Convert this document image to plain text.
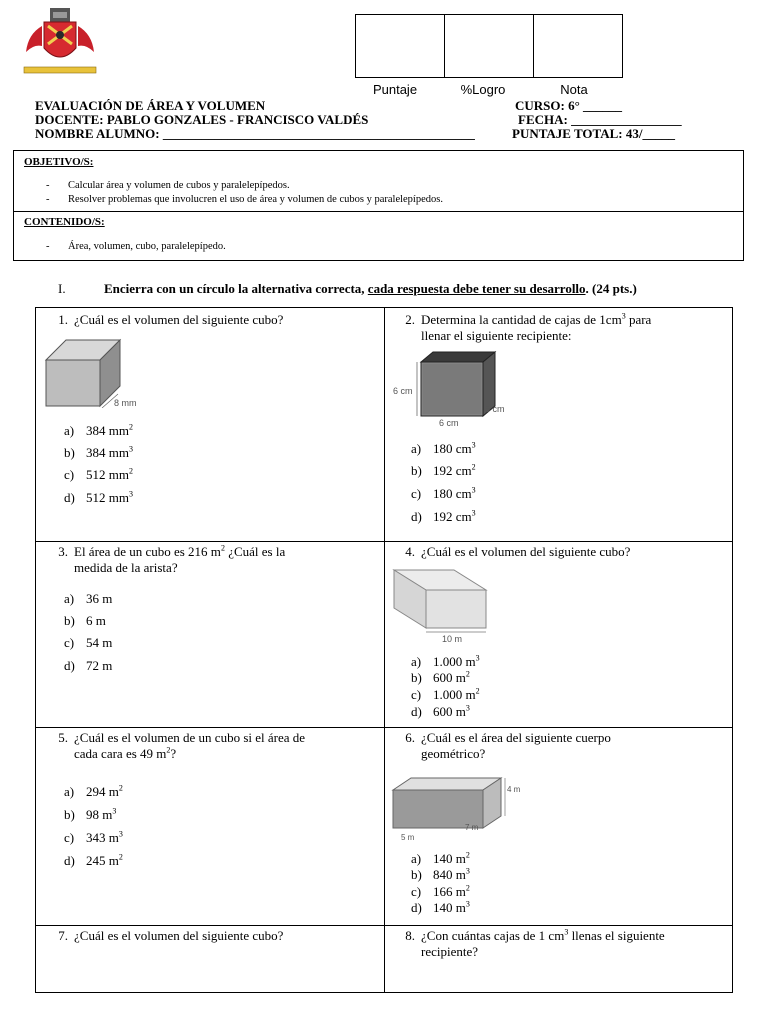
Puntaje	%Logro	Nota
EVALUACIÓN DE ÁREA Y VOLUMEN
DOCENTE: PABLO GONZALES - FRANCISCO VALDÉS
NOMBRE ALUMNO: ________________________________________________
CURSO: 6° ______
FECHA: _________________
PUNTAJE TOTAL: 43/_____
OBJETIVO/S:
- Calcular área y volumen de cubos y paralelepípedos.
- Resolver problemas que involucren el uso de área y volumen de cubos y paralelepípedos.
CONTENIDO/S:
- Área, volumen, cubo, paralelepípedo.
I.	Encierra con un círculo la alternativa correcta, cada respuesta debe tener su desarrollo. (24 pts.)
1. ¿Cuál es el volumen del siguiente cubo?
8 mm
a) 384 $mm^2$
b) 384 $mm^3$
c) 512 $mm^2$
d) 512 $mm^3$
2. Determina la cantidad de cajas de $1cm^3$ para
llenar el siguiente recipiente:
6 cm
6 cm
5 cm
a) 180 $cm^3$
b) 192 $cm^2$
c) 180 $cm^3$
d) 192 $cm^3$
3. El área de un cubo es 216 $m^2$ ¿Cuál es la
medida de la arista?
a) 36 m
b) 6 m
c) 54 m
d) 72 m
4. ¿Cuál es el volumen del siguiente cubo?
10 m
a) 1.000 $m^3$
b) 600 $m^2$
c) 1.000 $m^2$
d) 600 $m^3$
5. ¿Cuál es el volumen de un cubo si el área de
cada cara es 49 $m^2$?
a) 294 $m^2$
b) 98 $m^3$
c) 343 $m^3$
d) 245 $m^2$
6. ¿Cuál es el área del siguiente cuerpo
geométrico?
4 m
7 m
5 m
a) 140 $m^2$
b) 840 $m^3$
c) 166 $m^2$
d) 140 $m^3$
7. ¿Cuál es el volumen del siguiente cubo?	8. ¿Con cuántas cajas de 1 $cm^3$ llenas el siguiente
recipiente?
